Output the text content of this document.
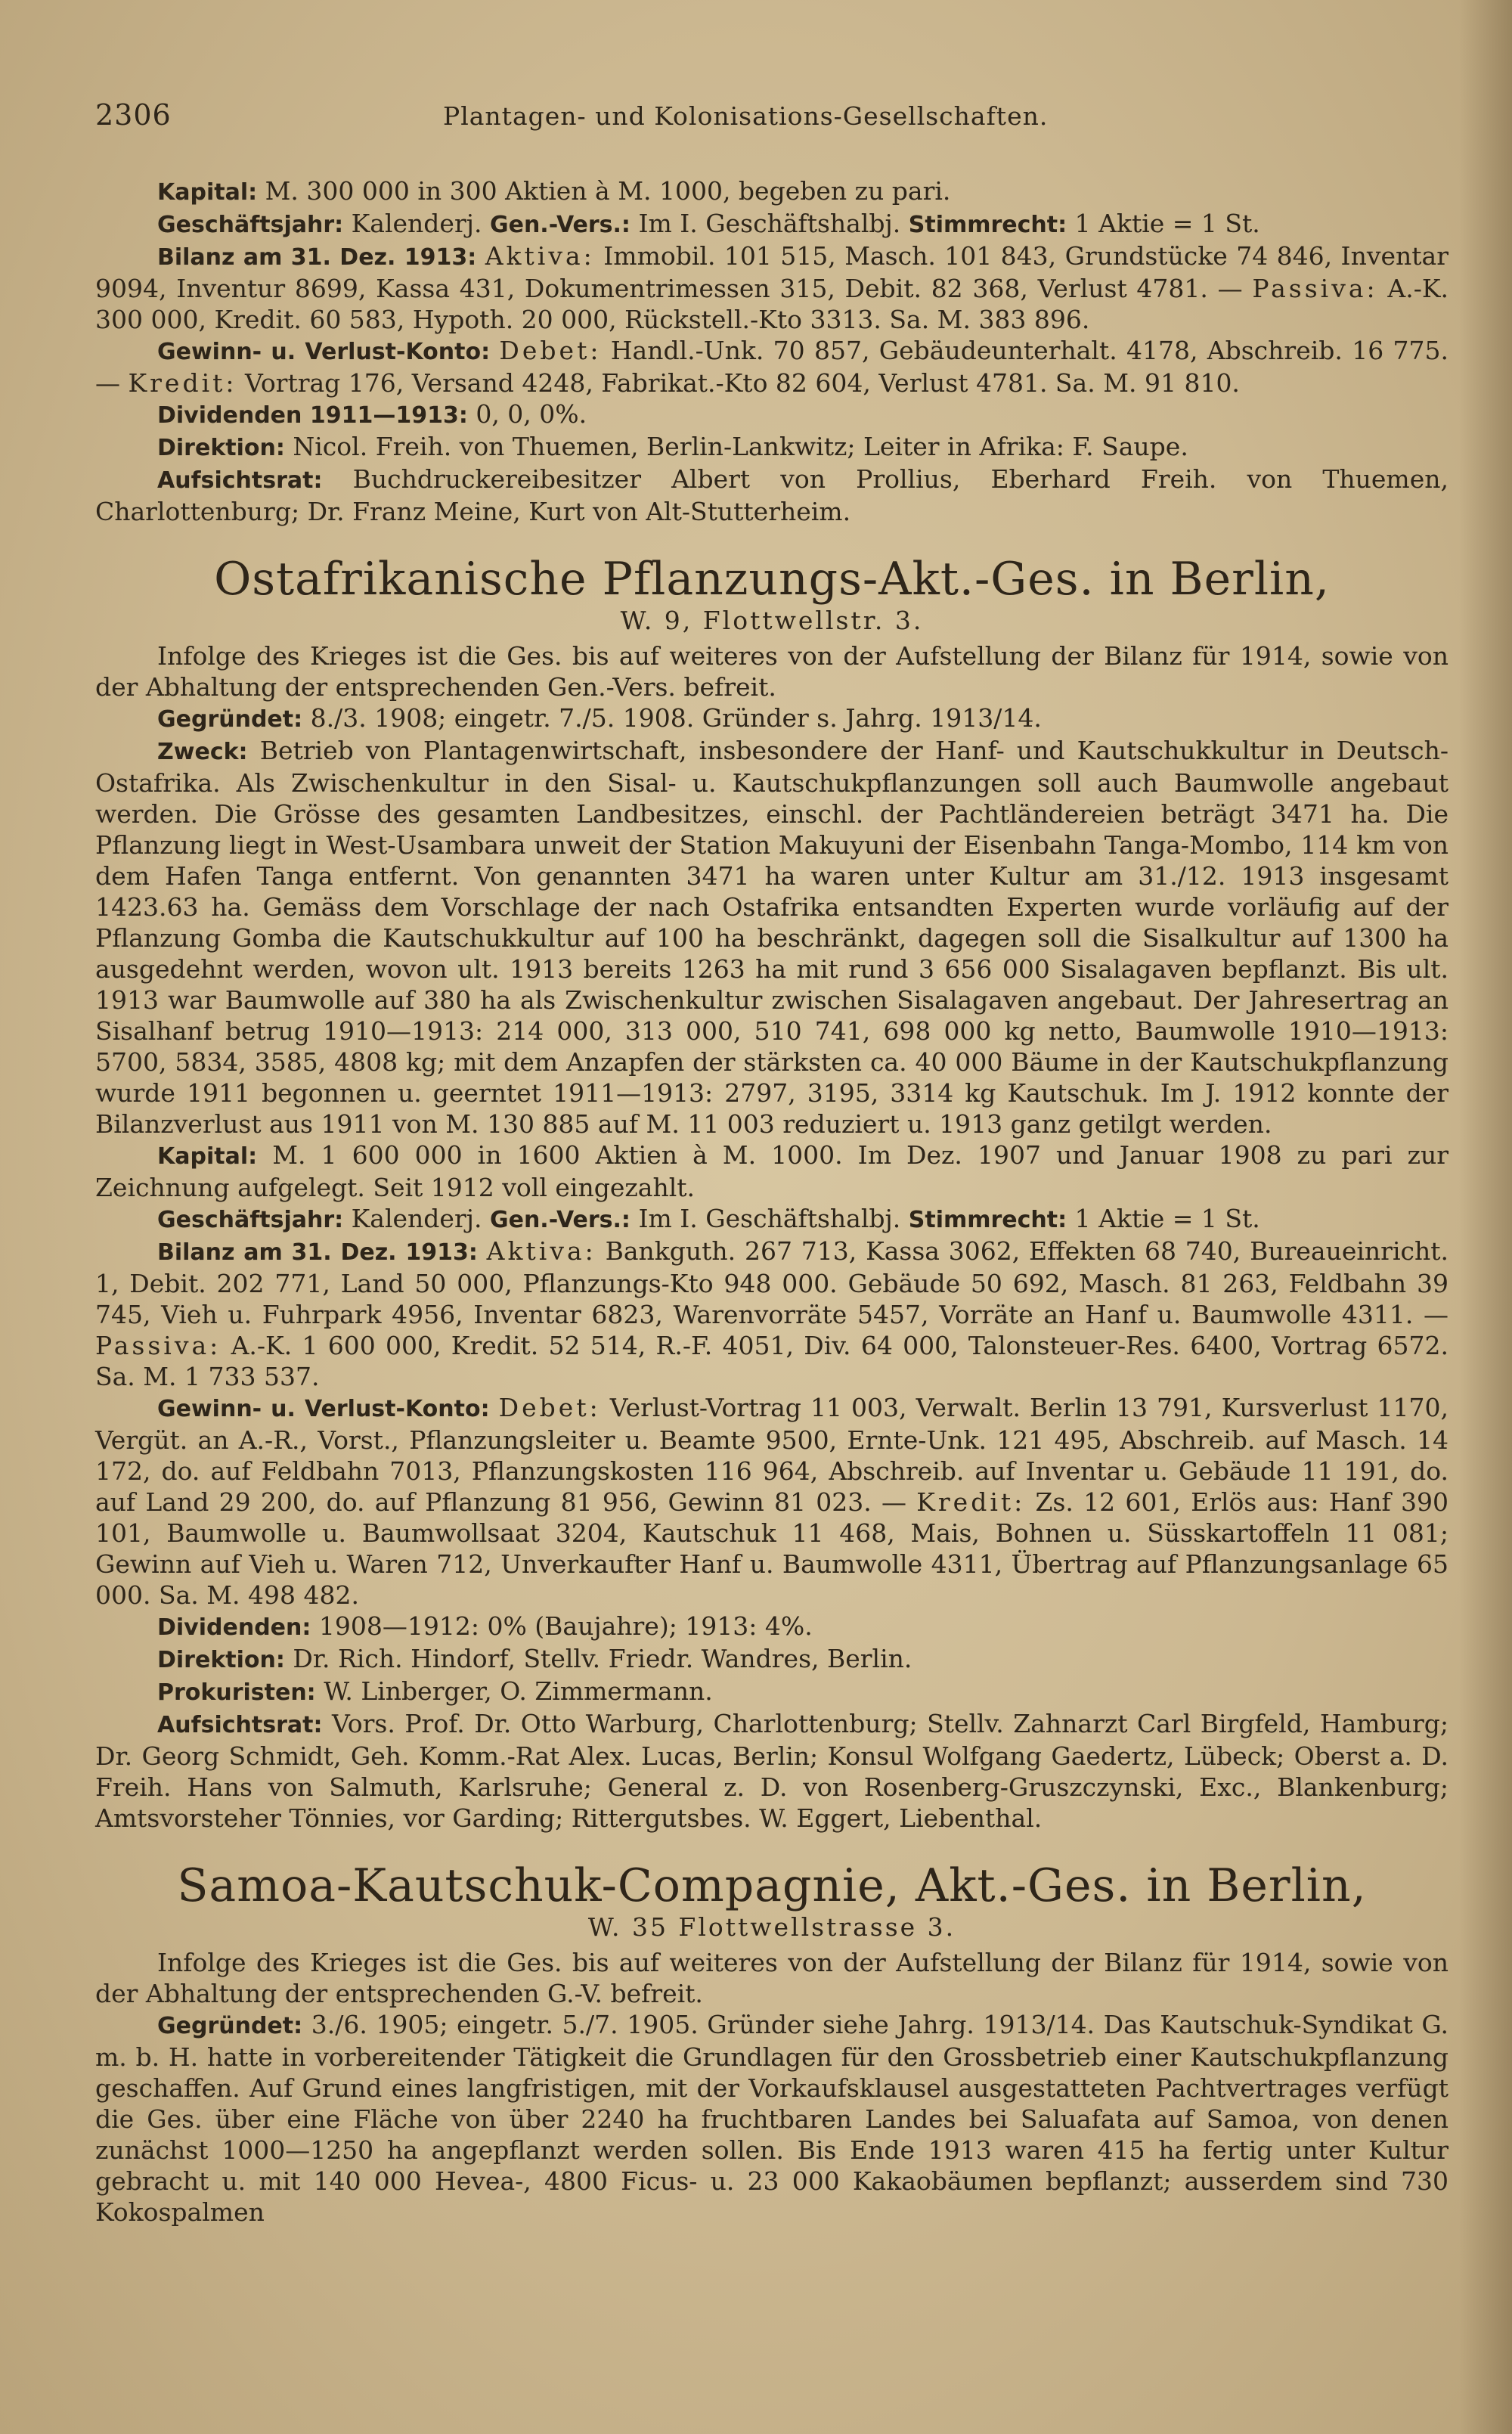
2306	Plantagen- und Kolonisations-Gesellschaften.

Kapital: M. 300 000 in 300 Aktien à M. 1000, begeben zu pari.

Geschäftsjahr: Kalenderj. Gen.-Vers.: Im I. Geschäftshalbj. Stimmrecht: 1 Aktie = 1 St.

Bilanz am 31. Dez. 1913: Aktiva: Immobil. 101 515, Masch. 101 843, Grundstücke 74 846, Inventar 9094, Inventur 8699, Kassa 431, Dokumentrimessen 315, Debit. 82 368, Verlust 4781. — Passiva: A.-K. 300 000, Kredit. 60 583, Hypoth. 20 000, Rückstell.-Kto 3313. Sa. M. 383 896.

Gewinn- u. Verlust-Konto: Debet: Handl.-Unk. 70 857, Gebäudeunterhalt. 4178, Abschreib. 16 775. — Kredit: Vortrag 176, Versand 4248, Fabrikat.-Kto 82 604, Verlust 4781. Sa. M. 91 810.

Dividenden 1911—1913: 0, 0, 0%.

Direktion: Nicol. Freih. von Thuemen, Berlin-Lankwitz; Leiter in Afrika: F. Saupe.

Aufsichtsrat: Buchdruckereibesitzer Albert von Prollius, Eberhard Freih. von Thuemen, Charlottenburg; Dr. Franz Meine, Kurt von Alt-Stutterheim.

Ostafrikanische Pflanzungs-Akt.-Ges. in Berlin,
W. 9, Flottwellstr. 3.

Infolge des Krieges ist die Ges. bis auf weiteres von der Aufstellung der Bilanz für 1914, sowie von der Abhaltung der entsprechenden Gen.-Vers. befreit.

Gegründet: 8./3. 1908; eingetr. 7./5. 1908. Gründer s. Jahrg. 1913/14.

Zweck: Betrieb von Plantagenwirtschaft, insbesondere der Hanf- und Kautschukkultur in Deutsch-Ostafrika. Als Zwischenkultur in den Sisal- u. Kautschukpflanzungen soll auch Baumwolle angebaut werden. Die Grösse des gesamten Landbesitzes, einschl. der Pachtländereien beträgt 3471 ha. Die Pflanzung liegt in West-Usambara unweit der Station Makuyuni der Eisenbahn Tanga-Mombo, 114 km von dem Hafen Tanga entfernt. Von genannten 3471 ha waren unter Kultur am 31./12. 1913 insgesamt 1423.63 ha. Gemäss dem Vorschlage der nach Ostafrika entsandten Experten wurde vorläufig auf der Pflanzung Gomba die Kautschukkultur auf 100 ha beschränkt, dagegen soll die Sisalkultur auf 1300 ha ausgedehnt werden, wovon ult. 1913 bereits 1263 ha mit rund 3 656 000 Sisalagaven bepflanzt. Bis ult. 1913 war Baumwolle auf 380 ha als Zwischenkultur zwischen Sisalagaven angebaut. Der Jahresertrag an Sisalhanf betrug 1910—1913: 214 000, 313 000, 510 741, 698 000 kg netto, Baumwolle 1910—1913: 5700, 5834, 3585, 4808 kg; mit dem Anzapfen der stärksten ca. 40 000 Bäume in der Kautschukpflanzung wurde 1911 begonnen u. geerntet 1911—1913: 2797, 3195, 3314 kg Kautschuk. Im J. 1912 konnte der Bilanzverlust aus 1911 von M. 130 885 auf M. 11 003 reduziert u. 1913 ganz getilgt werden.

Kapital: M. 1 600 000 in 1600 Aktien à M. 1000. Im Dez. 1907 und Januar 1908 zu pari zur Zeichnung aufgelegt. Seit 1912 voll eingezahlt.

Geschäftsjahr: Kalenderj. Gen.-Vers.: Im I. Geschäftshalbj. Stimmrecht: 1 Aktie = 1 St.

Bilanz am 31. Dez. 1913: Aktiva: Bankguth. 267 713, Kassa 3062, Effekten 68 740, Bureaueinricht. 1, Debit. 202 771, Land 50 000, Pflanzungs-Kto 948 000. Gebäude 50 692, Masch. 81 263, Feldbahn 39 745, Vieh u. Fuhrpark 4956, Inventar 6823, Warenvorräte 5457, Vorräte an Hanf u. Baumwolle 4311. — Passiva: A.-K. 1 600 000, Kredit. 52 514, R.-F. 4051, Div. 64 000, Talonsteuer-Res. 6400, Vortrag 6572. Sa. M. 1 733 537.

Gewinn- u. Verlust-Konto: Debet: Verlust-Vortrag 11 003, Verwalt. Berlin 13 791, Kursverlust 1170, Vergüt. an A.-R., Vorst., Pflanzungsleiter u. Beamte 9500, Ernte-Unk. 121 495, Abschreib. auf Masch. 14 172, do. auf Feldbahn 7013, Pflanzungskosten 116 964, Abschreib. auf Inventar u. Gebäude 11 191, do. auf Land 29 200, do. auf Pflanzung 81 956, Gewinn 81 023. — Kredit: Zs. 12 601, Erlös aus: Hanf 390 101, Baumwolle u. Baumwollsaat 3204, Kautschuk 11 468, Mais, Bohnen u. Süsskartoffeln 11 081; Gewinn auf Vieh u. Waren 712, Unverkaufter Hanf u. Baumwolle 4311, Übertrag auf Pflanzungsanlage 65 000. Sa. M. 498 482.

Dividenden: 1908—1912: 0% (Baujahre); 1913: 4%.

Direktion: Dr. Rich. Hindorf, Stellv. Friedr. Wandres, Berlin.

Prokuristen: W. Linberger, O. Zimmermann.

Aufsichtsrat: Vors. Prof. Dr. Otto Warburg, Charlottenburg; Stellv. Zahnarzt Carl Birgfeld, Hamburg; Dr. Georg Schmidt, Geh. Komm.-Rat Alex. Lucas, Berlin; Konsul Wolfgang Gaedertz, Lübeck; Oberst a. D. Freih. Hans von Salmuth, Karlsruhe; General z. D. von Rosenberg-Gruszczynski, Exc., Blankenburg; Amtsvorsteher Tönnies, vor Garding; Rittergutsbes. W. Eggert, Liebenthal.

Samoa-Kautschuk-Compagnie, Akt.-Ges. in Berlin,
W. 35 Flottwellstrasse 3.

Infolge des Krieges ist die Ges. bis auf weiteres von der Aufstellung der Bilanz für 1914, sowie von der Abhaltung der entsprechenden G.-V. befreit.

Gegründet: 3./6. 1905; eingetr. 5./7. 1905. Gründer siehe Jahrg. 1913/14. Das Kautschuk-Syndikat G. m. b. H. hatte in vorbereitender Tätigkeit die Grundlagen für den Grossbetrieb einer Kautschukpflanzung geschaffen. Auf Grund eines langfristigen, mit der Vorkaufsklausel ausgestatteten Pachtvertrages verfügt die Ges. über eine Fläche von über 2240 ha fruchtbaren Landes bei Saluafata auf Samoa, von denen zunächst 1000—1250 ha angepflanzt werden sollen. Bis Ende 1913 waren 415 ha fertig unter Kultur gebracht u. mit 140 000 Hevea-, 4800 Ficus- u. 23 000 Kakaobäumen bepflanzt; ausserdem sind 730 Kokospalmen
